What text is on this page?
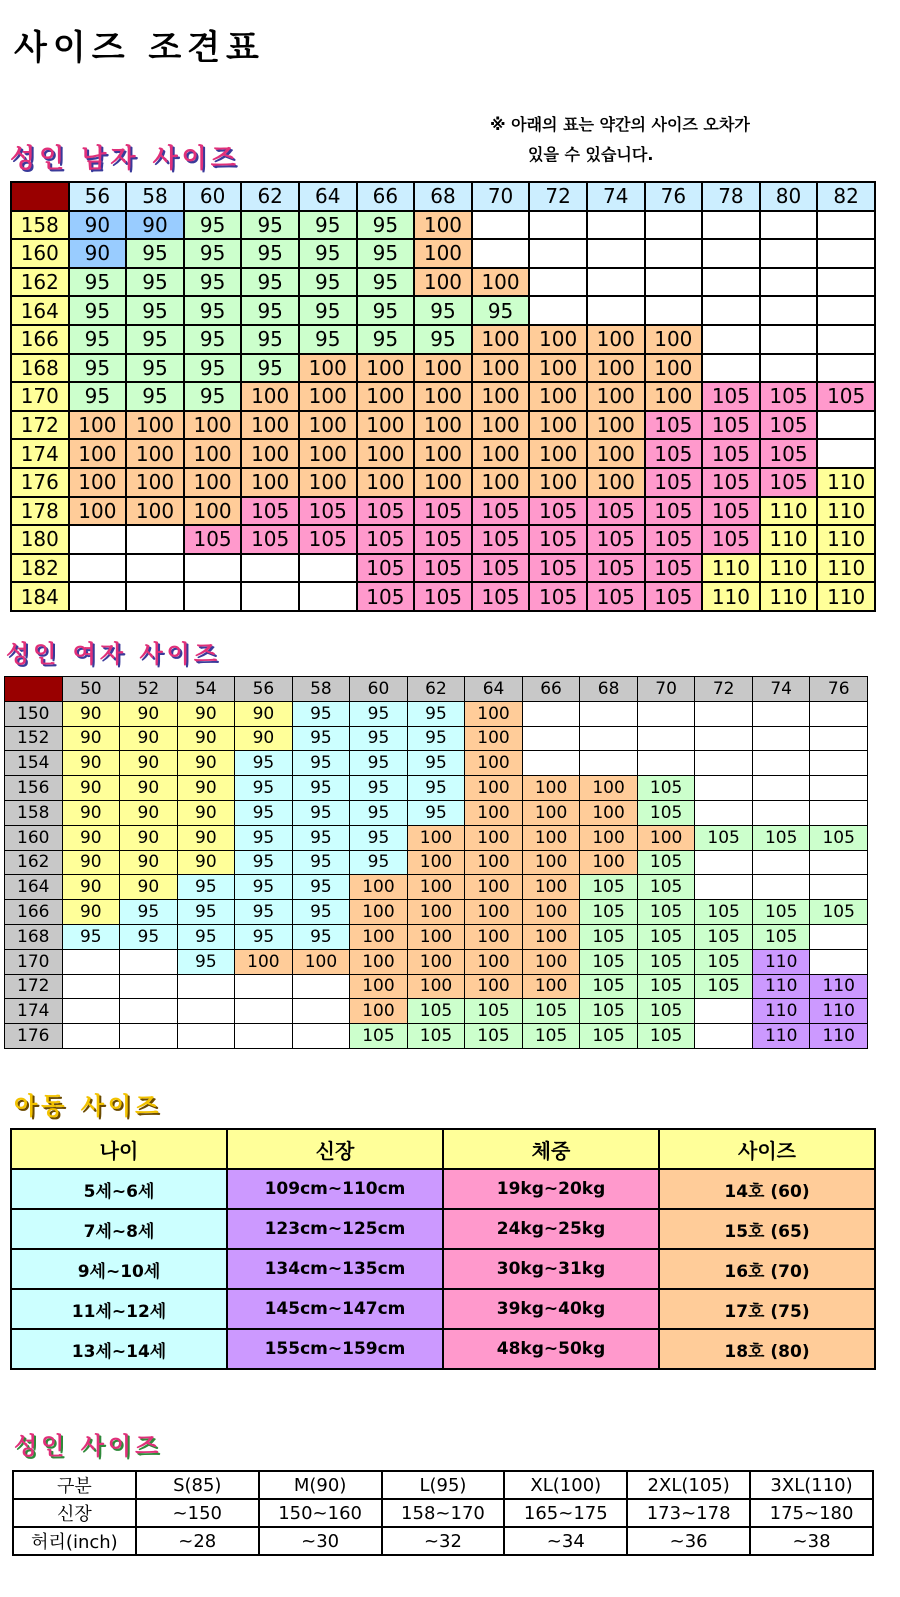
사이즈 조견표
※ 아래의 표는 약간의 사이즈 오차가
있을 수 있습니다.
성인 남자 사이즈
	56	58	60	62	64	66	68	70	72	74	76	78	80	82
158	90	90	95	95	95	95	100							
160	90	95	95	95	95	95	100							
162	95	95	95	95	95	95	100	100						
164	95	95	95	95	95	95	95	95						
166	95	95	95	95	95	95	95	100	100	100	100			
168	95	95	95	95	100	100	100	100	100	100	100			
170	95	95	95	100	100	100	100	100	100	100	100	105	105	105
172	100	100	100	100	100	100	100	100	100	100	105	105	105	
174	100	100	100	100	100	100	100	100	100	100	105	105	105	
176	100	100	100	100	100	100	100	100	100	100	105	105	105	110
178	100	100	100	105	105	105	105	105	105	105	105	105	110	110
180			105	105	105	105	105	105	105	105	105	105	110	110
182						105	105	105	105	105	105	110	110	110
184						105	105	105	105	105	105	110	110	110
성인 여자 사이즈
	50	52	54	56	58	60	62	64	66	68	70	72	74	76
150	90	90	90	90	95	95	95	100						
152	90	90	90	90	95	95	95	100						
154	90	90	90	95	95	95	95	100						
156	90	90	90	95	95	95	95	100	100	100	105			
158	90	90	90	95	95	95	95	100	100	100	105			
160	90	90	90	95	95	95	100	100	100	100	100	105	105	105
162	90	90	90	95	95	95	100	100	100	100	105			
164	90	90	95	95	95	100	100	100	100	105	105			
166	90	95	95	95	95	100	100	100	100	105	105	105	105	105
168	95	95	95	95	95	100	100	100	100	105	105	105	105	
170			95	100	100	100	100	100	100	105	105	105	110	
172						100	100	100	100	105	105	105	110	110
174						100	105	105	105	105	105		110	110
176						105	105	105	105	105	105		110	110
아동 사이즈
나이	신장	체중	사이즈
5세~6세	109cm~110cm	19kg~20kg	14호 (60)
7세~8세	123cm~125cm	24kg~25kg	15호 (65)
9세~10세	134cm~135cm	30kg~31kg	16호 (70)
11세~12세	145cm~147cm	39kg~40kg	17호 (75)
13세~14세	155cm~159cm	48kg~50kg	18호 (80)
성인 사이즈
구분	S(85)	M(90)	L(95)	XL(100)	2XL(105)	3XL(110)
신장	~150	150~160	158~170	165~175	173~178	175~180
허리(inch)	~28	~30	~32	~34	~36	~38
